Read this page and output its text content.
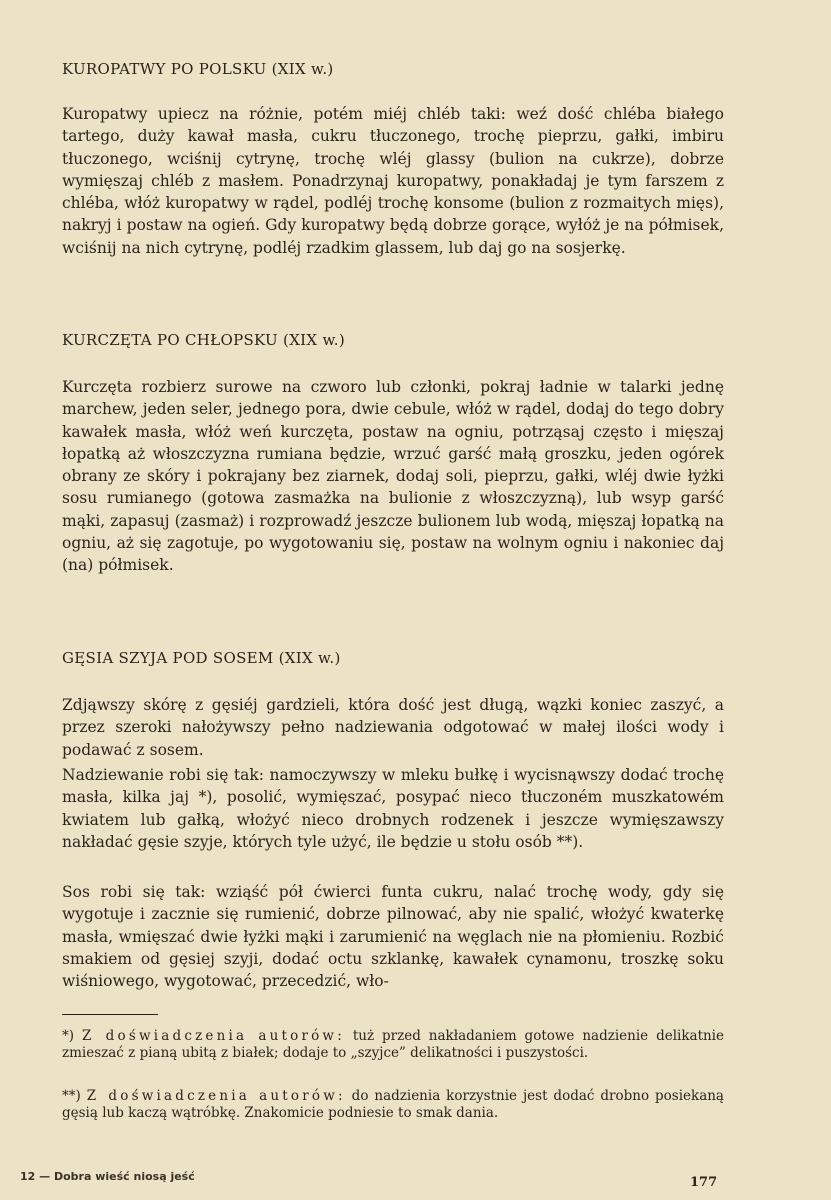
KUROPATWY PO POLSKU (XIX w.)

Kuropatwy upiecz na różnie, potém miéj chléb taki: weź dość chléba białego tartego, duży kawał masła, cukru tłuczonego, trochę pieprzu, gałki, imbiru tłuczonego, wciśnij cytrynę, trochę wléj glassy (bulion na cukrze), dobrze wymięszaj chléb z masłem. Ponadrzynaj kuropatwy, ponakładaj je tym farszem z chléba, włóż kuropatwy w rądel, podléj trochę konsome (bulion z rozmaitych mięs), nakryj i postaw na ogień. Gdy kuropatwy będą dobrze gorące, wyłóż je na półmisek, wciśnij na nich cytrynę, podléj rzadkim glassem, lub daj go na sosjerkę.

KURCZĘTA PO CHŁOPSKU (XIX w.)

Kurczęta rozbierz surowe na czworo lub członki, pokraj ładnie w talarki jednę marchew, jeden seler, jednego pora, dwie cebule, włóż w rądel, dodaj do tego dobry kawałek masła, włóż weń kurczęta, postaw na ogniu, potrząsaj często i mięszaj łopatką aż włoszczyzna rumiana będzie, wrzuć garść małą groszku, jeden ogórek obrany ze skóry i pokrajany bez ziarnek, dodaj soli, pieprzu, gałki, wléj dwie łyżki sosu rumianego (gotowa zasmażka na bulionie z włoszczyzną), lub wsyp garść mąki, zapasuj (zasmaż) i rozprowadź jeszcze bulionem lub wodą, mięszaj łopatką na ogniu, aż się zagotuje, po wygotowaniu się, postaw na wolnym ogniu i nakoniec daj (na) półmisek.

GĘSIA SZYJA POD SOSEM (XIX w.)

Zdjąwszy skórę z gęsiéj gardzieli, która dość jest długą, wązki koniec zaszyć, a przez szeroki nałożywszy pełno nadziewania odgotować w małej ilości wody i podawać z sosem.

Nadziewanie robi się tak: namoczywszy w mleku bułkę i wycisnąwszy dodać trochę masła, kilka jaj *), posolić, wymięszać, posypać nieco tłuczoném muszkatowém kwiatem lub gałką, włożyć nieco drobnych rodzenek i jeszcze wymięszawszy nakładać gęsie szyje, których tyle użyć, ile będzie u stołu osób **).

Sos robi się tak: wziąść pół ćwierci funta cukru, nalać trochę wody, gdy się wygotuje i zacznie się rumienić, dobrze pilnować, aby nie spalić, włożyć kwaterkę masła, wmięszać dwie łyżki mąki i zarumienić na węglach nie na płomieniu. Rozbić smakiem od gęsiej szyji, dodać octu szklankę, kawałek cynamonu, troszkę soku wiśniowego, wygotować, przecedzić, wło-

*) Z doświadczenia autorów: tuż przed nakładaniem gotowe nadzienie delikatnie zmieszać z pianą ubitą z białek; dodaje to „szyjce” delikatności i puszystości.

**) Z doświadczenia autorów: do nadzienia korzystnie jest dodać drobno posiekaną gęsią lub kaczą wątróbkę. Znakomicie podniesie to smak dania.

12 — Dobra wieść niosą jeść	177
